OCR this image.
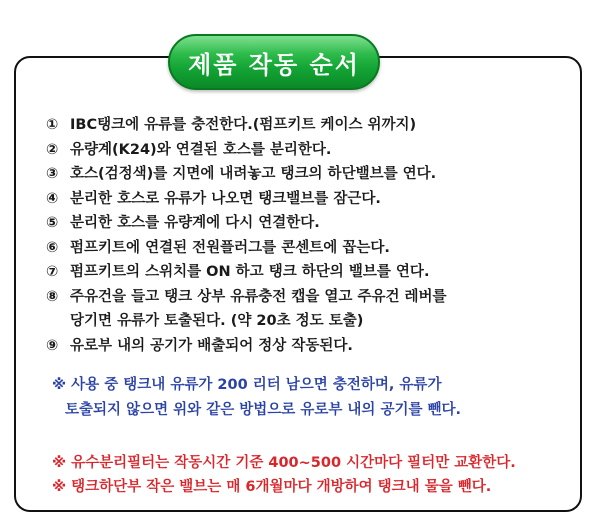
제품 작동 순서
① IBC탱크에 유류를 충전한다.(펌프키트 케이스 위까지)
② 유량계(K24)와 연결된 호스를 분리한다.
③ 호스(검정색)를 지면에 내려놓고 탱크의 하단밸브를 연다.
④ 분리한 호스로 유류가 나오면 탱크밸브를 잠근다.
⑤ 분리한 호스를 유량계에 다시 연결한다.
⑥ 펌프키트에 연결된 전원플러그를 콘센트에 꼽는다.
⑦ 펌프키트의 스위치를 ON 하고 탱크 하단의 밸브를 연다.
⑧ 주유건을 들고 탱크 상부 유류충전 캡을 열고 주유건 레버를
당기면 유류가 토출된다. (약 20초 정도 토출)
⑨ 유로부 내의 공기가 배출되어 정상 작동된다.
※ 사용 중 탱크내 유류가 200 리터 남으면 충전하며, 유류가
토출되지 않으면 위와 같은 방법으로 유로부 내의 공기를 뺀다.
※ 유수분리필터는 작동시간 기준 400~500 시간마다 필터만 교환한다.
※ 탱크하단부 작은 밸브는 매 6개월마다 개방하여 탱크내 물을 뺀다.
